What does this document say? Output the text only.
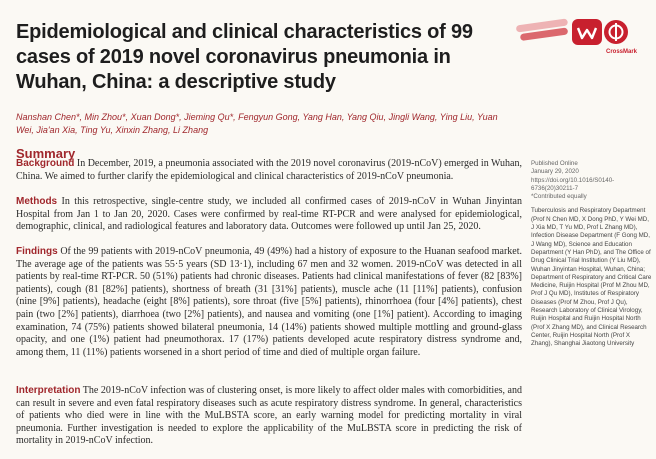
Epidemiological and clinical characteristics of 99 cases of 2019 novel coronavirus pneumonia in Wuhan, China: a descriptive study
CrossMark
Nanshan Chen*, Min Zhou*, Xuan Dong*, Jieming Qu*, Fengyun Gong, Yang Han, Yang Qiu, Jingli Wang, Ying Liu, Yuan Wei, Jia'an Xia, Ting Yu, Xinxin Zhang, Li Zhang
Summary

Background In December, 2019, a pneumonia associated with the 2019 novel coronavirus (2019-nCoV) emerged in Wuhan, China. We aimed to further clarify the epidemiological and clinical characteristics of 2019-nCoV pneumonia.

Methods In this retrospective, single-centre study, we included all confirmed cases of 2019-nCoV in Wuhan Jinyintan Hospital from Jan 1 to Jan 20, 2020. Cases were confirmed by real-time RT-PCR and were analysed for epidemiological, demographic, clinical, and radiological features and laboratory data. Outcomes were followed up until Jan 25, 2020.

Findings Of the 99 patients with 2019-nCoV pneumonia, 49 (49%) had a history of exposure to the Huanan seafood market. The average age of the patients was 55·5 years (SD 13·1), including 67 men and 32 women. 2019-nCoV was detected in all patients by real-time RT-PCR. 50 (51%) patients had chronic diseases. Patients had clinical manifestations of fever (82 [83%] patients), cough (81 [82%] patients), shortness of breath (31 [31%] patients), muscle ache (11 [11%] patients), confusion (nine [9%] patients), headache (eight [8%] patients), sore throat (five [5%] patients), rhinorrhoea (four [4%] patients), chest pain (two [2%] patients), diarrhoea (two [2%] patients), and nausea and vomiting (one [1%] patient). According to imaging examination, 74 (75%) patients showed bilateral pneumonia, 14 (14%) patients showed multiple mottling and ground-glass opacity, and one (1%) patient had pneumothorax. 17 (17%) patients developed acute respiratory distress syndrome and, among them, 11 (11%) patients worsened in a short period of time and died of multiple organ failure.

Interpretation The 2019-nCoV infection was of clustering onset, is more likely to affect older males with comorbidities, and can result in severe and even fatal respiratory diseases such as acute respiratory distress syndrome. In general, characteristics of patients who died were in line with the MuLBSTA score, an early warning model for predicting mortality in viral pneumonia. Further investigation is needed to explore the applicability of the MuLBSTA score in predicting the risk of mortality in 2019-nCoV infection.

Published Online
January 29, 2020
https://doi.org/10.1016/S0140-6736(20)30211-7
*Contributed equally
Tuberculosis and Respiratory Department (Prof N Chen MD, X Dong PhD, Y Wei MD, J Xia MD, T Yu MD, Prof L Zhang MD), Infection Disease Department (F Gong MD, J Wang MD), Science and Education Department (Y Han PhD), and The Office of Drug Clinical Trial Institution (Y Liu MD), Wuhan Jinyintan Hospital, Wuhan, China; Department of Respiratory and Critical Care Medicine, Ruijin Hospital (Prof M Zhou MD, Prof J Qu MD), Institutes of Respiratory Diseases (Prof M Zhou, Prof J Qu), Research Laboratory of Clinical Virology, Ruijin Hospital and Ruijin Hospital North (Prof X Zhang MD), and Clinical Research Center, Ruijin Hospital North (Prof X Zhang), Shanghai Jiaotong University
